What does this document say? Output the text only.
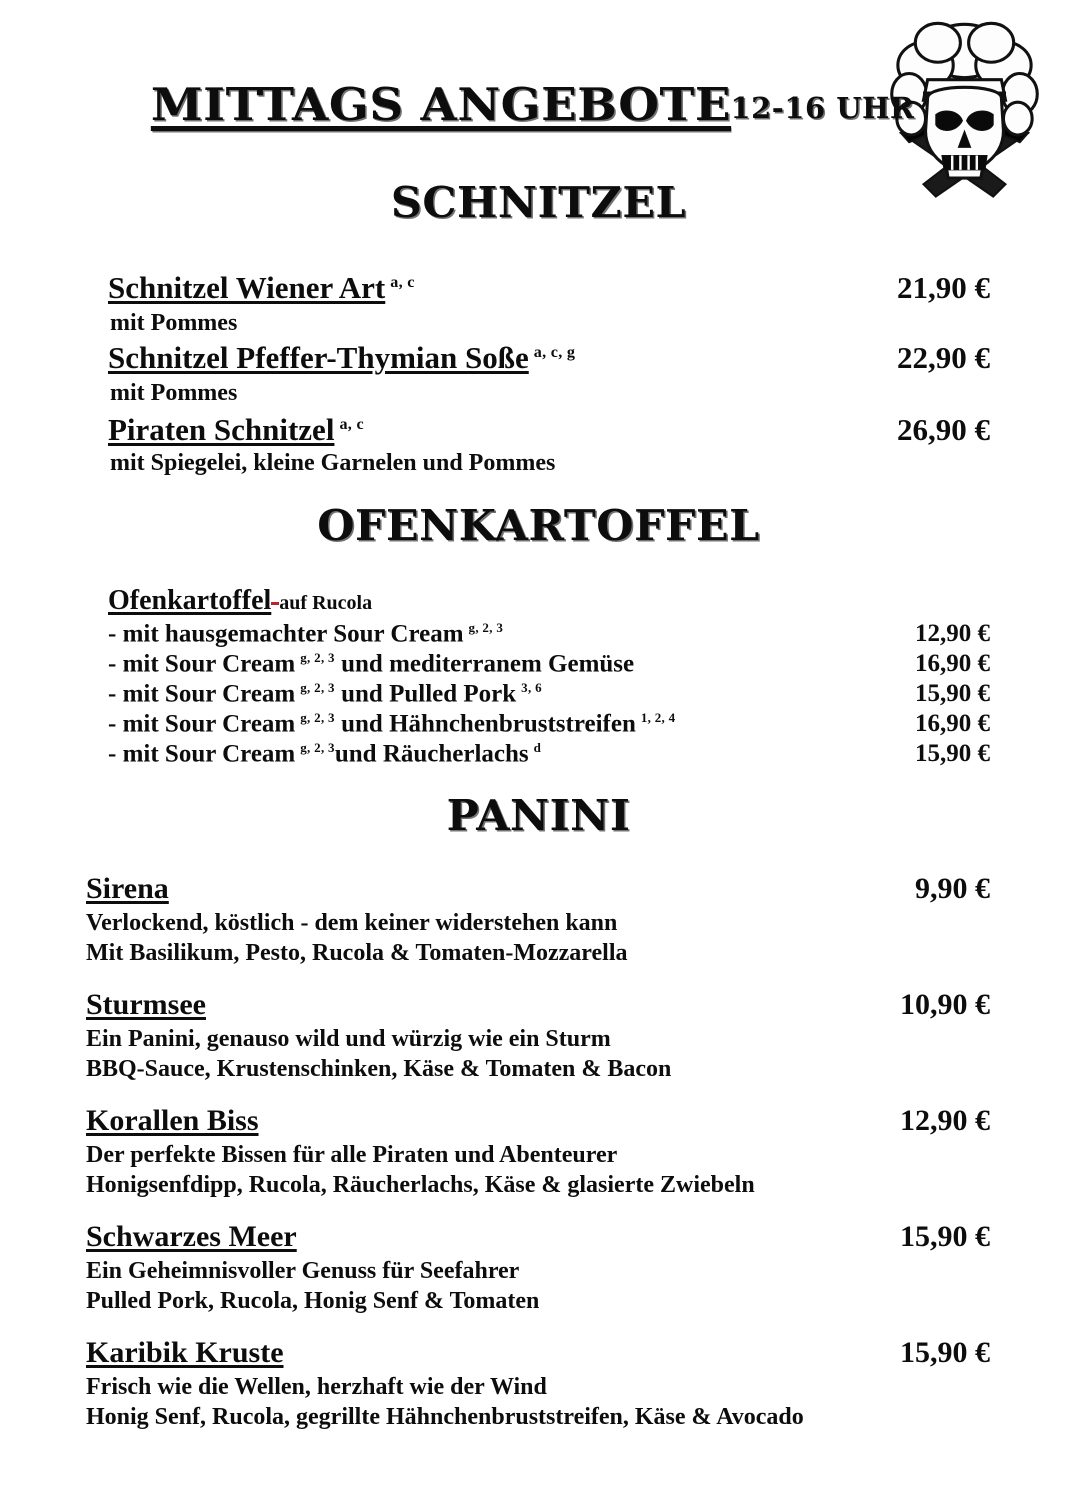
MITTAGS ANGEBOTE12-16 UHR
SCHNITZEL
Schnitzel Wiener Art a, c	21,90 €
mit Pommes
Schnitzel Pfeffer-Thymian Soße a, c, g	22,90 €
mit Pommes
Piraten Schnitzel a, c	26,90 €
mit Spiegelei, kleine Garnelen und Pommes
OFENKARTOFFEL
Ofenkartoffel auf Rucola
- mit hausgemachter Sour Cream g, 2, 3	12,90 €
- mit Sour Cream g, 2, 3 und mediterranem Gemüse	16,90 €
- mit Sour Cream g, 2, 3 und Pulled Pork 3, 6	15,90 €
- mit Sour Cream g, 2, 3 und Hähnchenbruststreifen 1, 2, 4	16,90 €
- mit Sour Cream g, 2, 3und Räucherlachs d	15,90 €
PANINI
Sirena	9,90 €
Verlockend, köstlich - dem keiner widerstehen kann
Mit Basilikum, Pesto, Rucola & Tomaten-Mozzarella
Sturmsee	10,90 €
Ein Panini, genauso wild und würzig wie ein Sturm
BBQ-Sauce, Krustenschinken, Käse & Tomaten & Bacon
Korallen Biss	12,90 €
Der perfekte Bissen für alle Piraten und Abenteurer
Honigsenfdipp, Rucola, Räucherlachs, Käse & glasierte Zwiebeln
Schwarzes Meer	15,90 €
Ein Geheimnisvoller Genuss für Seefahrer
Pulled Pork, Rucola, Honig Senf & Tomaten
Karibik Kruste	15,90 €
Frisch wie die Wellen, herzhaft wie der Wind
Honig Senf, Rucola, gegrillte Hähnchenbruststreifen, Käse & Avocado
